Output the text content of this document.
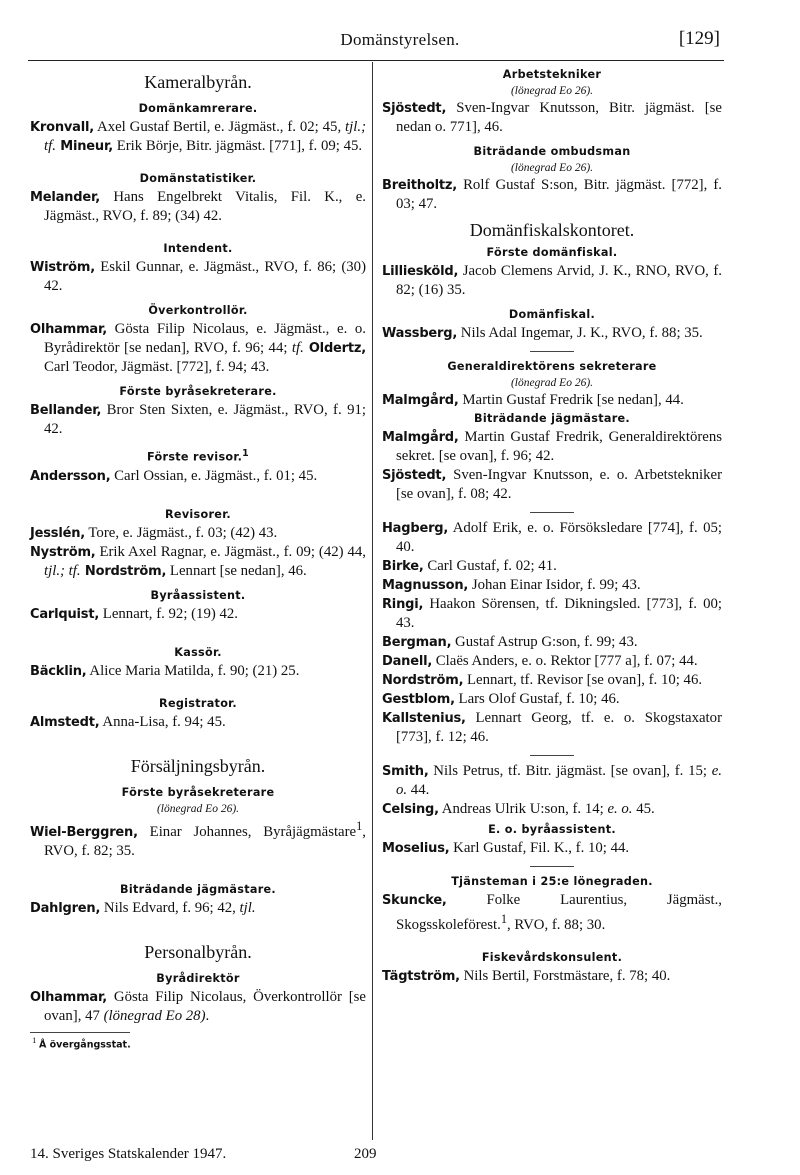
Domänstyrelsen.	[129]
Kameralbyrån.
Domänkamrerare.

Kronvall, Axel Gustaf Bertil, e. Jägmäst., f. 02; 45, tjl.; tf. Mineur, Erik Börje, Bitr. jägmäst. [771], f. 09; 45.

Domänstatistiker.

Melander, Hans Engelbrekt Vitalis, Fil. K., e. Jägmäst., RVO, f. 89; (34) 42.

Intendent.

Wiström, Eskil Gunnar, e. Jägmäst., RVO, f. 86; (30) 42.

Överkontrollör.

Olhammar, Gösta Filip Nicolaus, e. Jägmäst., e. o. Byrådirektör [se nedan], RVO, f. 96; 44; tf. Oldertz, Carl Teodor, Jägmäst. [772], f. 94; 43.

Förste byråsekreterare.

Bellander, Bror Sten Sixten, e. Jägmäst., RVO, f. 91; 42.

Förste revisor.$^1$

Andersson, Carl Ossian, e. Jägmäst., f. 01; 45.

Revisorer.

Jesslén, Tore, e. Jägmäst., f. 03; (42) 43.

Nyström, Erik Axel Ragnar, e. Jägmäst., f. 09; (42) 44, tjl.; tf. Nordström, Lennart [se nedan], 46.

Byråassistent.

Carlquist, Lennart, f. 92; (19) 42.

Kassör.

Bäcklin, Alice Maria Matilda, f. 90; (21) 25.

Registrator.

Almstedt, Anna-Lisa, f. 94; 45.

Försäljningsbyrån.
Förste byråsekreterare
(lönegrad Eo 26).

Wiel-Berggren, Einar Johannes, Byråjägmästare$^1$, RVO, f. 82; 35.

Biträdande jägmästare.

Dahlgren, Nils Edvard, f. 96; 42, tjl.

Personalbyrån.
Byrådirektör

Olhammar, Gösta Filip Nicolaus, Överkontrollör [se ovan], 47 (lönegrad Eo 28).

$^1$ Å övergångsstat.
Arbetstekniker
(lönegrad Eo 26).

Sjöstedt, Sven-Ingvar Knutsson, Bitr. jägmäst. [se nedan o. 771], 46.

Biträdande ombudsman
(lönegrad Eo 26).

Breitholtz, Rolf Gustaf S:son, Bitr. jägmäst. [772], f. 03; 47.

Domänfiskalskontoret.
Förste domänfiskal.

Lilliesköld, Jacob Clemens Arvid, J. K., RNO, RVO, f. 82; (16) 35.

Domänfiskal.

Wassberg, Nils Adal Ingemar, J. K., RVO, f. 88; 35.

Generaldirektörens sekreterare
(lönegrad Eo 26).

Malmgård, Martin Gustaf Fredrik [se nedan], 44.

Biträdande jägmästare.

Malmgård, Martin Gustaf Fredrik, Generaldirektörens sekret. [se ovan], f. 96; 42.

Sjöstedt, Sven-Ingvar Knutsson, e. o. Arbetstekniker [se ovan], f. 08; 42.

Hagberg, Adolf Erik, e. o. Försöksledare [774], f. 05; 40.

Birke, Carl Gustaf, f. 02; 41.

Magnusson, Johan Einar Isidor, f. 99; 43.

Ringi, Haakon Sörensen, tf. Dikningsled. [773], f. 00; 43.

Bergman, Gustaf Astrup G:son, f. 99; 43.

Danell, Claës Anders, e. o. Rektor [777 a], f. 07; 44.

Nordström, Lennart, tf. Revisor [se ovan], f. 10; 46.

Gestblom, Lars Olof Gustaf, f. 10; 46.

Kallstenius, Lennart Georg, tf. e. o. Skogstaxator [773], f. 12; 46.

Smith, Nils Petrus, tf. Bitr. jägmäst. [se ovan], f. 15; e. o. 44.

Celsing, Andreas Ulrik U:son, f. 14; e. o. 45.

E. o. byråassistent.

Moselius, Karl Gustaf, Fil. K., f. 10; 44.

Tjänsteman i 25:e lönegraden.

Skuncke, Folke Laurentius, Jägmäst., Skogsskoleförest.$^1$, RVO, f. 88; 30.

Fiskevårdskonsulent.

Tägtström, Nils Bertil, Forstmästare, f. 78; 40.

14. Sveriges Statskalender 1947.	209
